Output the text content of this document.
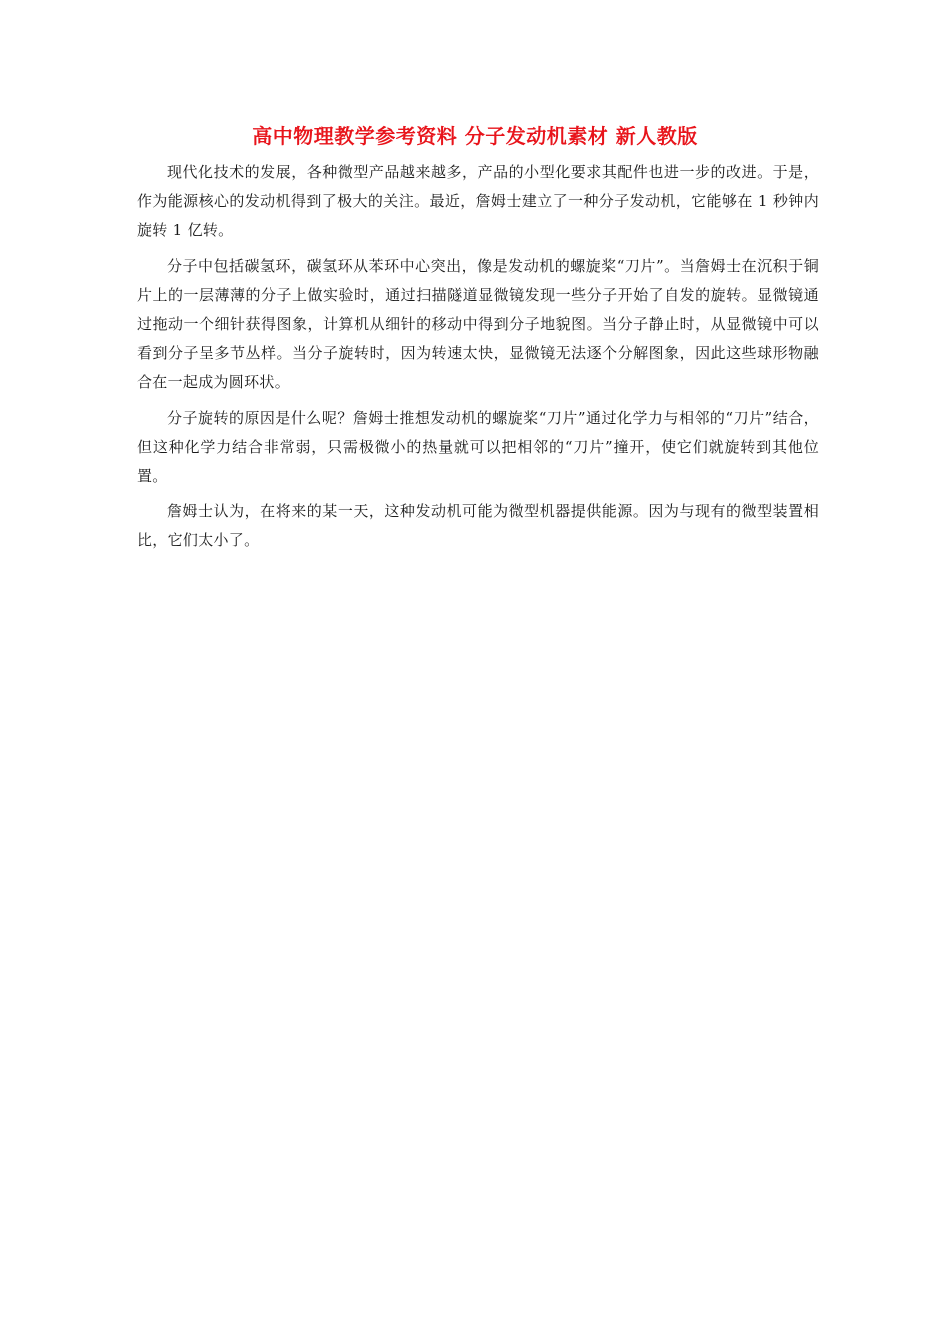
高中物理教学参考资料 分子发动机素材 新人教版

现代化技术的发展，各种微型产品越来越多，产品的小型化要求其配件也进一步的改进。于是，作为能源核心的发动机得到了极大的关注。最近，詹姆士建立了一种分子发动机，它能够在 1 秒钟内旋转 1 亿转。

分子中包括碳氢环，碳氢环从苯环中心突出，像是发动机的螺旋桨“刀片”。当詹姆士在沉积于铜片上的一层薄薄的分子上做实验时，通过扫描隧道显微镜发现一些分子开始了自发的旋转。显微镜通过拖动一个细针获得图象，计算机从细针的移动中得到分子地貌图。当分子静止时，从显微镜中可以看到分子呈多节丛样。当分子旋转时，因为转速太快，显微镜无法逐个分解图象，因此这些球形物融合在一起成为圆环状。

分子旋转的原因是什么呢？詹姆士推想发动机的螺旋桨“刀片”通过化学力与相邻的“刀片”结合，但这种化学力结合非常弱，只需极微小的热量就可以把相邻的“刀片”撞开，使它们就旋转到其他位置。

詹姆士认为，在将来的某一天，这种发动机可能为微型机器提供能源。因为与现有的微型装置相比，它们太小了。
